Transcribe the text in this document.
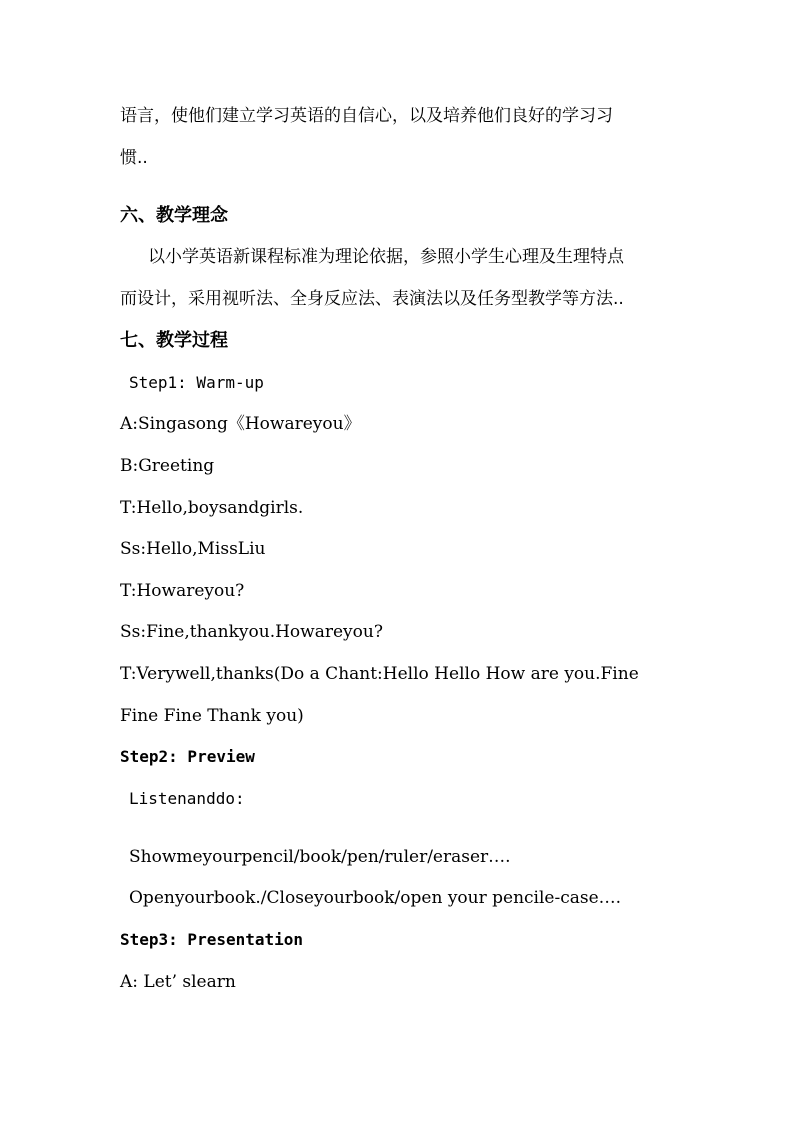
语言，使他们建立学习英语的自信心，以及培养他们良好的学习习
惯..
六、教学理念
以小学英语新课程标准为理论依据，参照小学生心理及生理特点
而设计，采用视听法、全身反应法、表演法以及任务型教学等方法..
七、教学过程
Step1: Warm-up
A:Singasong《Howareyou》
B:Greeting
T:Hello,boysandgirls.
Ss:Hello,MissLiu
T:Howareyou?
Ss:Fine,thankyou.Howareyou?
T:Verywell,thanks(Do a Chant:Hello Hello How are you.Fine
Fine Fine Thank you)
Step2: Preview
Listenanddo:
Showmeyourpencil/book/pen/ruler/eraser….
Openyourbook./Closeyourbook/open your pencile-case….
Step3: Presentation
A: Let’ slearn
